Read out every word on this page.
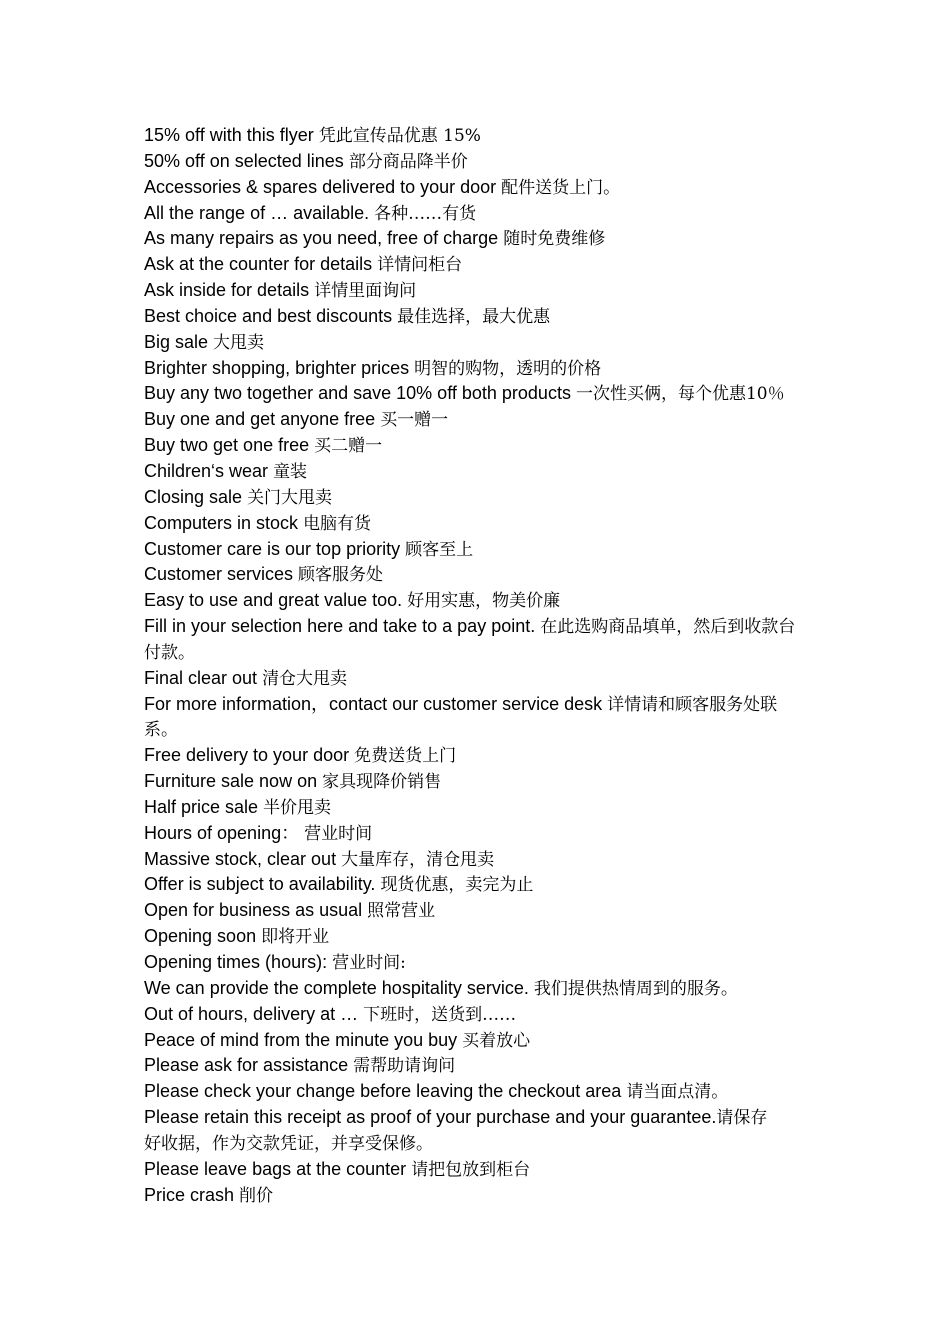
15% off with this flyer 凭此宣传品优惠 15%

50% off on selected lines 部分商品降半价

Accessories & spares delivered to your door 配件送货上门。

All the range of … available. 各种……有货

As many repairs as you need, free of charge 随时免费维修

Ask at the counter for details 详情问柜台

Ask inside for details 详情里面询问

Best choice and best discounts 最佳选择，最大优惠

Big sale 大甩卖

Brighter shopping, brighter prices 明智的购物，透明的价格

Buy any two together and save 10% off both products 一次性买俩，每个优惠10％

Buy one and get anyone free 买一赠一

Buy two get one free 买二赠一

Children‘s wear 童装

Closing sale 关门大甩卖

Computers in stock 电脑有货

Customer care is our top priority 顾客至上

Customer services 顾客服务处

Easy to use and great value too. 好用实惠，物美价廉

Fill in your selection here and take to a pay point. 在此选购商品填单，然后到收款台付款。

Final clear out 清仓大甩卖

For more information，contact our customer service desk 详情请和顾客服务处联系。

Free delivery to your door 免费送货上门

Furniture sale now on 家具现降价销售

Half price sale 半价甩卖

Hours of opening： 营业时间

Massive stock, clear out 大量库存，清仓甩卖

Offer is subject to availability. 现货优惠，卖完为止

Open for business as usual 照常营业

Opening soon 即将开业

Opening times (hours): 营业时间:

We can provide the complete hospitality service. 我们提供热情周到的服务。

Out of hours, delivery at … 下班时，送货到……

Peace of mind from the minute you buy 买着放心

Please ask for assistance 需帮助请询问

Please check your change before leaving the checkout area 请当面点清。

Please retain this receipt as proof of your purchase and your guarantee.请保存

好收据，作为交款凭证，并享受保修。

Please leave bags at the counter 请把包放到柜台

Price crash 削价
